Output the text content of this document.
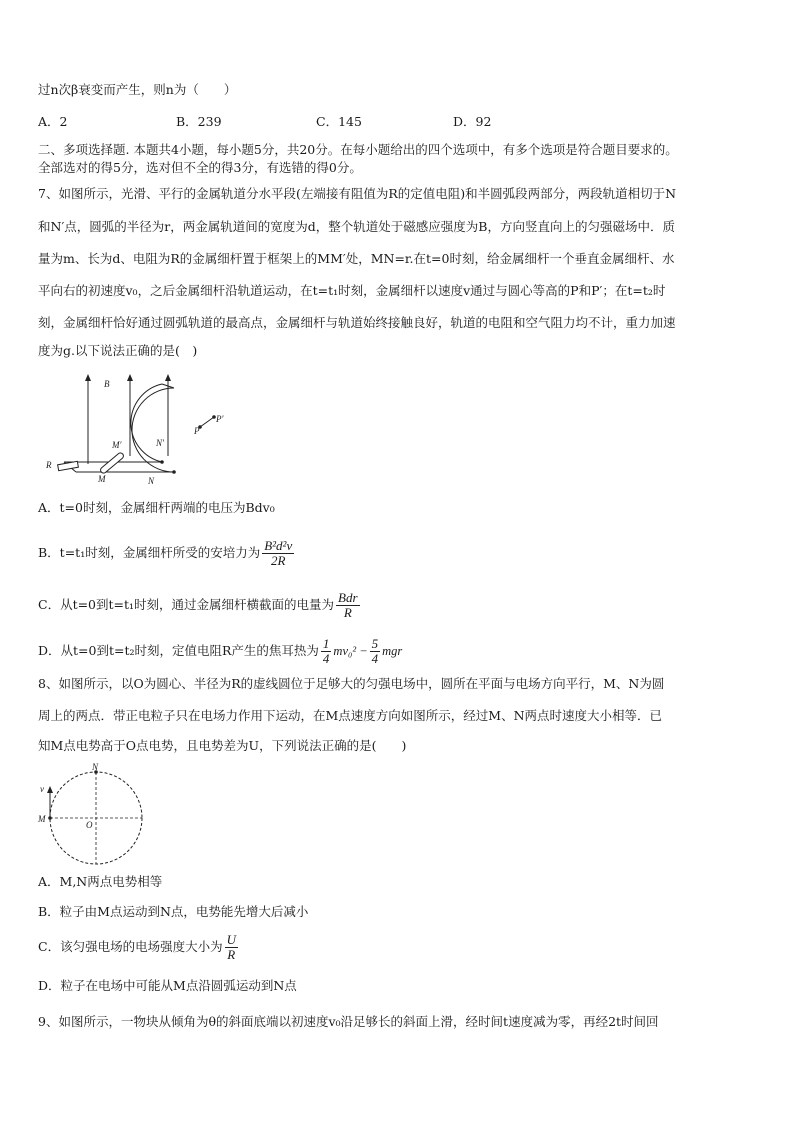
过n次β衰变而产生，则n为（　　）
A．2	B．239	C．145	D．92
二、多项选择题. 本题共4小题，每小题5分，共20分。在每小题给出的四个选项中，有多个选项是符合题目要求的。
全部选对的得5分，选对但不全的得3分，有选错的得0分。
7、如图所示，光滑、平行的金属轨道分水平段(左端接有阻值为R的定值电阻)和半圆弧段两部分，两段轨道相切于N
和N′点，圆弧的半径为r，两金属轨道间的宽度为d，整个轨道处于磁感应强度为B，方向竖直向上的匀强磁场中．质
量为m、长为d、电阻为R的金属细杆置于框架上的MM′处，MN=r.在t=0时刻，给金属细杆一个垂直金属细杆、水
平向右的初速度v₀，之后金属细杆沿轨道运动，在t=t₁时刻，金属细杆以速度v通过与圆心等高的P和P′；在t=t₂时
刻，金属细杆恰好通过圆弧轨道的最高点，金属细杆与轨道始终接触良好，轨道的电阻和空气阻力均不计，重力加速
度为g.以下说法正确的是(　)
B
R
M′
M
N′
N
P
P′
A．t=0时刻，金属细杆两端的电压为Bdv₀
B．t=t₁时刻，金属细杆所受的安培力为 $\frac{\text{B²d²v}}{2R}$
C．从t=0到t=t₁时刻，通过金属细杆横截面的电量为 $\frac{\text{Bdr}}{R}$
D．从t=0到t=t₂时刻，定值电阻R产生的焦耳热为 $\frac{1}{4} mv_0^2 - \frac{5}{4}$ mgr
8、如图所示，以O为圆心、半径为R的虚线圆位于足够大的匀强电场中，圆所在平面与电场方向平行，M、N为圆
周上的两点．带正电粒子只在电场力作用下运动，在M点速度方向如图所示，经过M、N两点时速度大小相等．已
知M点电势高于O点电势，且电势差为U，下列说法正确的是(　　)
N
v
M
O
A．M,N两点电势相等
B．粒子由M点运动到N点，电势能先增大后减小
C．该匀强电场的电场强度大小为 $\frac{U}{R}$
D．粒子在电场中可能从M点沿圆弧运动到N点
9、如图所示，一物块从倾角为θ的斜面底端以初速度v₀沿足够长的斜面上滑，经时间t速度减为零，再经2t时间回
